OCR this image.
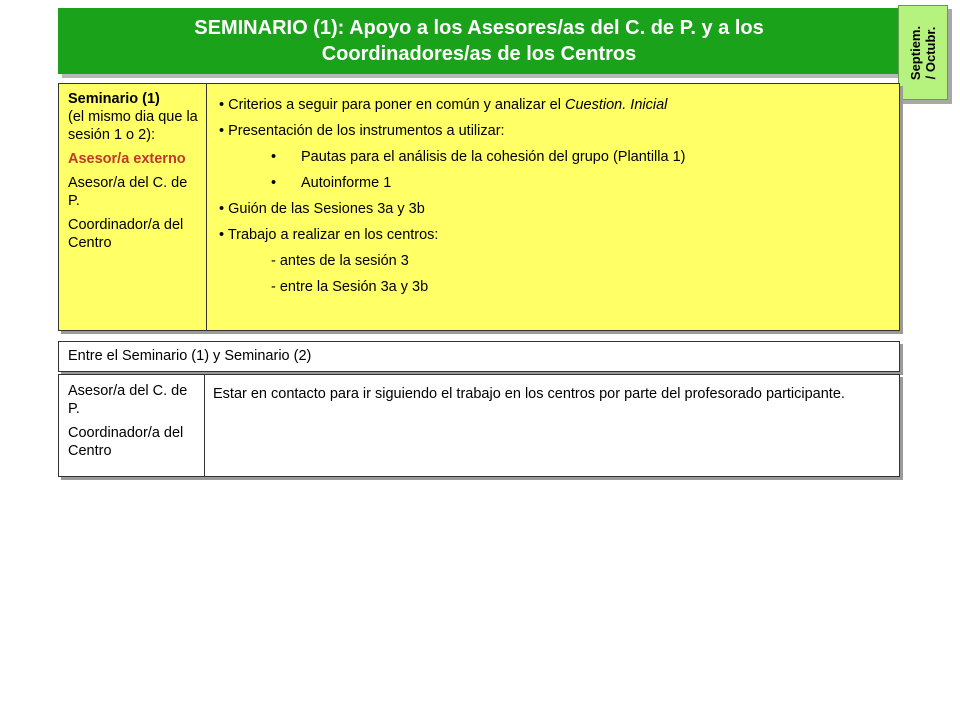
SEMINARIO (1): Apoyo a los Asesores/as del C. de P. y a los Coordinadores/as de los Centros	Septiem. / Octubr.

Seminario (1)
(el mismo dia que la sesión 1 o 2):

Asesor/a externo

Asesor/a del C. de P.

Coordinador/a del Centro

• Criterios a seguir para poner en común y analizar el Cuestion. Inicial
• Presentación de los instrumentos a utilizar:
• Pautas para el análisis de la cohesión del grupo (Plantilla 1)
• Autoinforme 1
• Guión de las Sesiones 3a y 3b
• Trabajo a realizar en los centros:
- antes de la sesión 3
- entre la Sesión 3a y 3b
Entre el Seminario (1) y Seminario (2)

Asesor/a del C. de P.

Coordinador/a del Centro

Estar en contacto para ir siguiendo el trabajo en los centros por parte del profesorado participante.
